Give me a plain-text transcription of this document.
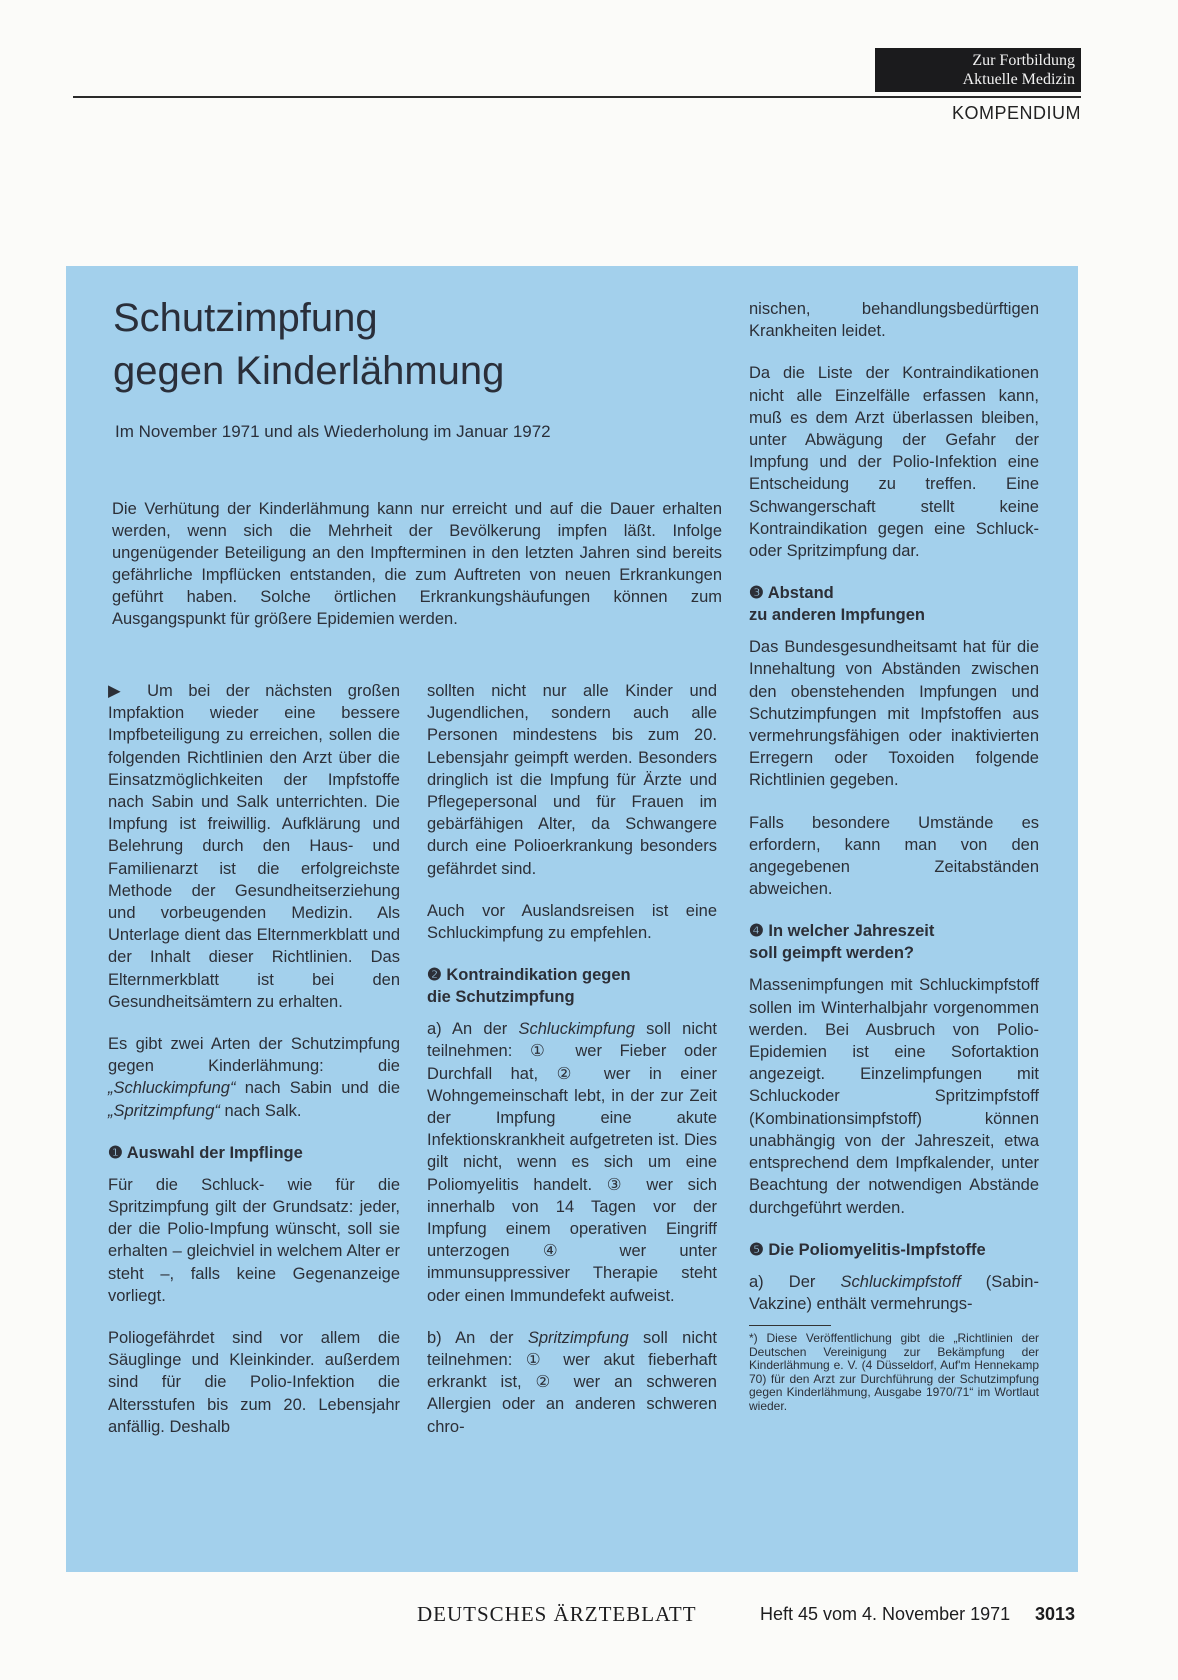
Zur Fortbildung
Aktuelle Medizin
KOMPENDIUM
Schutzimpfung
gegen Kinderlähmung
Im November 1971 und als Wiederholung im Januar 1972
Die Verhütung der Kinderlähmung kann nur erreicht und auf die Dauer erhalten werden, wenn sich die Mehrheit der Bevölkerung impfen läßt. Infolge ungenügender Beteiligung an den Impfterminen in den letzten Jahren sind bereits gefährliche Impflücken entstanden, die zum Auftreten von neuen Erkrankungen geführt haben. Solche örtlichen Erkrankungshäufungen können zum Ausgangspunkt für größere Epidemien werden.

▶ Um bei der nächsten großen Impfaktion wieder eine bessere Impfbeteiligung zu erreichen, sollen die folgenden Richtlinien den Arzt über die Einsatzmöglichkeiten der Impfstoffe nach Sabin und Salk unterrichten. Die Impfung ist freiwillig. Aufklärung und Belehrung durch den Haus- und Familienarzt ist die erfolgreichste Methode der Gesundheitserziehung und vorbeugenden Medizin. Als Unterlage dient das Elternmerkblatt und der Inhalt dieser Richtlinien. Das Elternmerkblatt ist bei den Gesundheitsämtern zu erhalten.

Es gibt zwei Arten der Schutzimpfung gegen Kinderlähmung: die „Schluckimpfung“ nach Sabin und die „Spritzimpfung“ nach Salk.

❶ Auswahl der Impflinge

Für die Schluck- wie für die Spritzimpfung gilt der Grundsatz: jeder, der die Polio-Impfung wünscht, soll sie erhalten – gleichviel in welchem Alter er steht –, falls keine Gegenanzeige vorliegt.

Poliogefährdet sind vor allem die Säuglinge und Kleinkinder. außerdem sind für die Polio-Infektion die Altersstufen bis zum 20. Lebensjahr anfällig. Deshalb

sollten nicht nur alle Kinder und Jugendlichen, sondern auch alle Personen mindestens bis zum 20. Lebensjahr geimpft werden. Besonders dringlich ist die Impfung für Ärzte und Pflegepersonal und für Frauen im gebärfähigen Alter, da Schwangere durch eine Polioerkrankung besonders gefährdet sind.

Auch vor Auslandsreisen ist eine Schluckimpfung zu empfehlen.

❷ Kontraindikation gegen
die Schutzimpfung

a) An der Schluckimpfung soll nicht teilnehmen: ① wer Fieber oder Durchfall hat, ② wer in einer Wohngemeinschaft lebt, in der zur Zeit der Impfung eine akute Infektionskrankheit aufgetreten ist. Dies gilt nicht, wenn es sich um eine Poliomyelitis handelt. ③ wer sich innerhalb von 14 Tagen vor der Impfung einem operativen Eingriff unterzogen ④ wer unter immunsuppressiver Therapie steht oder einen Immundefekt aufweist.

b) An der Spritzimpfung soll nicht teilnehmen: ① wer akut fieberhaft erkrankt ist, ② wer an schweren Allergien oder an anderen schweren chro-

nischen, behandlungsbedürftigen Krankheiten leidet.

Da die Liste der Kontraindikationen nicht alle Einzelfälle erfassen kann, muß es dem Arzt überlassen bleiben, unter Abwägung der Gefahr der Impfung und der Polio-Infektion eine Entscheidung zu treffen. Eine Schwangerschaft stellt keine Kontraindikation gegen eine Schluck- oder Spritzimpfung dar.

❸ Abstand
zu anderen Impfungen

Das Bundesgesundheitsamt hat für die Innehaltung von Abständen zwischen den obenstehenden Impfungen und Schutzimpfungen mit Impfstoffen aus vermehrungsfähigen oder inaktivierten Erregern oder Toxoiden folgende Richtlinien gegeben.

Falls besondere Umstände es erfordern, kann man von den angegebenen Zeitabständen abweichen.

❹ In welcher Jahreszeit
soll geimpft werden?

Massenimpfungen mit Schluckimpfstoff sollen im Winterhalbjahr vorgenommen werden. Bei Ausbruch von Polio-Epidemien ist eine Sofortaktion angezeigt. Einzelimpfungen mit Schluckoder Spritzimpfstoff (Kombinationsimpfstoff) können unabhängig von der Jahreszeit, etwa entsprechend dem Impfkalender, unter Beachtung der notwendigen Abstände durchgeführt werden.

❺ Die Poliomyelitis-Impfstoffe

a) Der Schluckimpfstoff (Sabin-Vakzine) enthält vermehrungs-

*) Diese Veröffentlichung gibt die „Richtlinien der Deutschen Vereinigung zur Bekämpfung der Kinderlähmung e. V. (4 Düsseldorf, Auf'm Hennekamp 70) für den Arzt zur Durchführung der Schutzimpfung gegen Kinderlähmung, Ausgabe 1970/71“ im Wortlaut wieder.

DEUTSCHES ÄRZTEBLATT	Heft 45 vom 4. November 1971 3013
